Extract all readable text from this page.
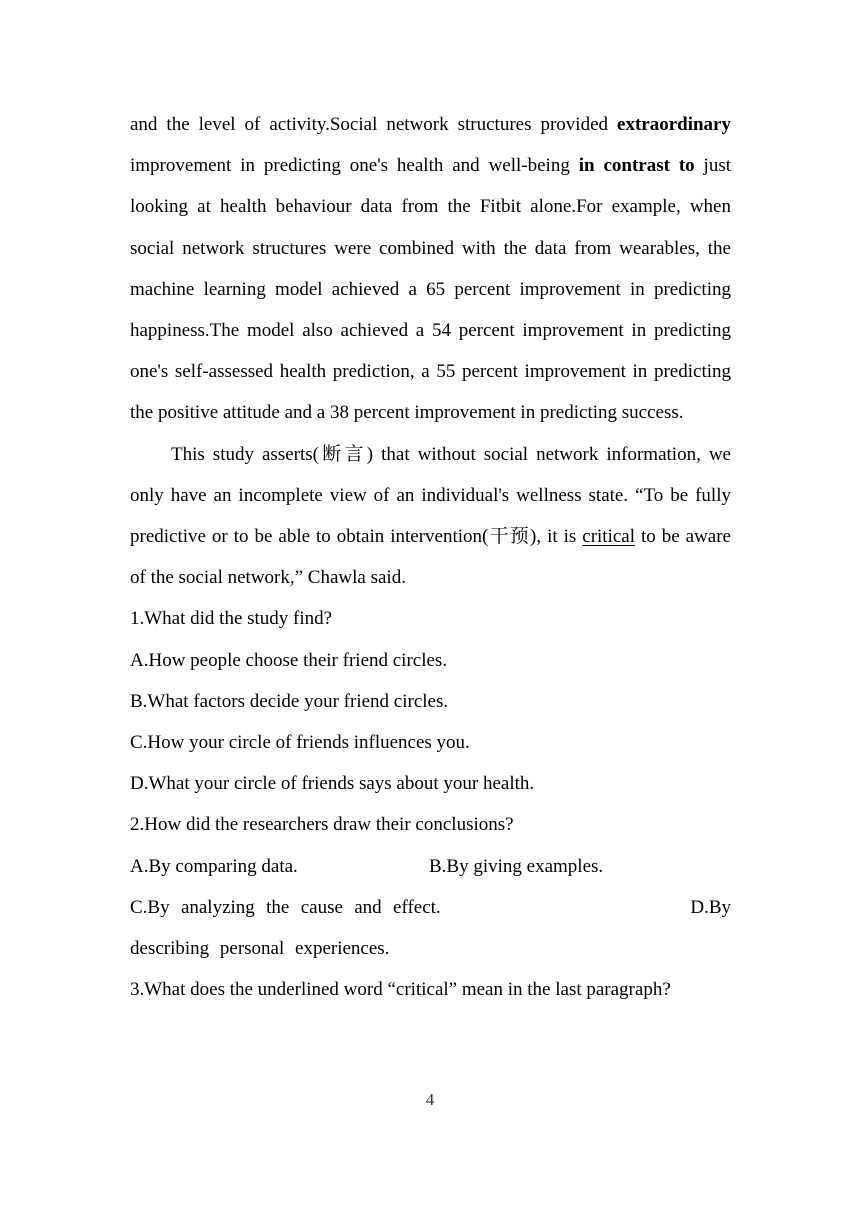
and the level of activity.Social network structures provided extraordinary improvement in predicting one's health and well-being in contrast to just looking at health behaviour data from the Fitbit alone.For example, when social network structures were combined with the data from wearables, the machine learning model achieved a 65 percent improvement in predicting happiness.The model also achieved a 54 percent improvement in predicting one's self-assessed health prediction, a 55 percent improvement in predicting the positive attitude and a 38 percent improvement in predicting success.

This study asserts(断言) that without social network information, we only have an incomplete view of an individual's wellness state. “To be fully predictive or to be able to obtain intervention(干预), it is critical to be aware of the social network,” Chawla said.

1.What did the study find?

A.How people choose their friend circles.

B.What factors decide your friend circles.

C.How your circle of friends influences you.

D.What your circle of friends says about your health.

2.How did the researchers draw their conclusions?

A.By comparing data.	B.By giving examples.

C.By analyzing the cause and effect.	D.By describing personal experiences.

3.What does the underlined word “critical” mean in the last paragraph?

4
